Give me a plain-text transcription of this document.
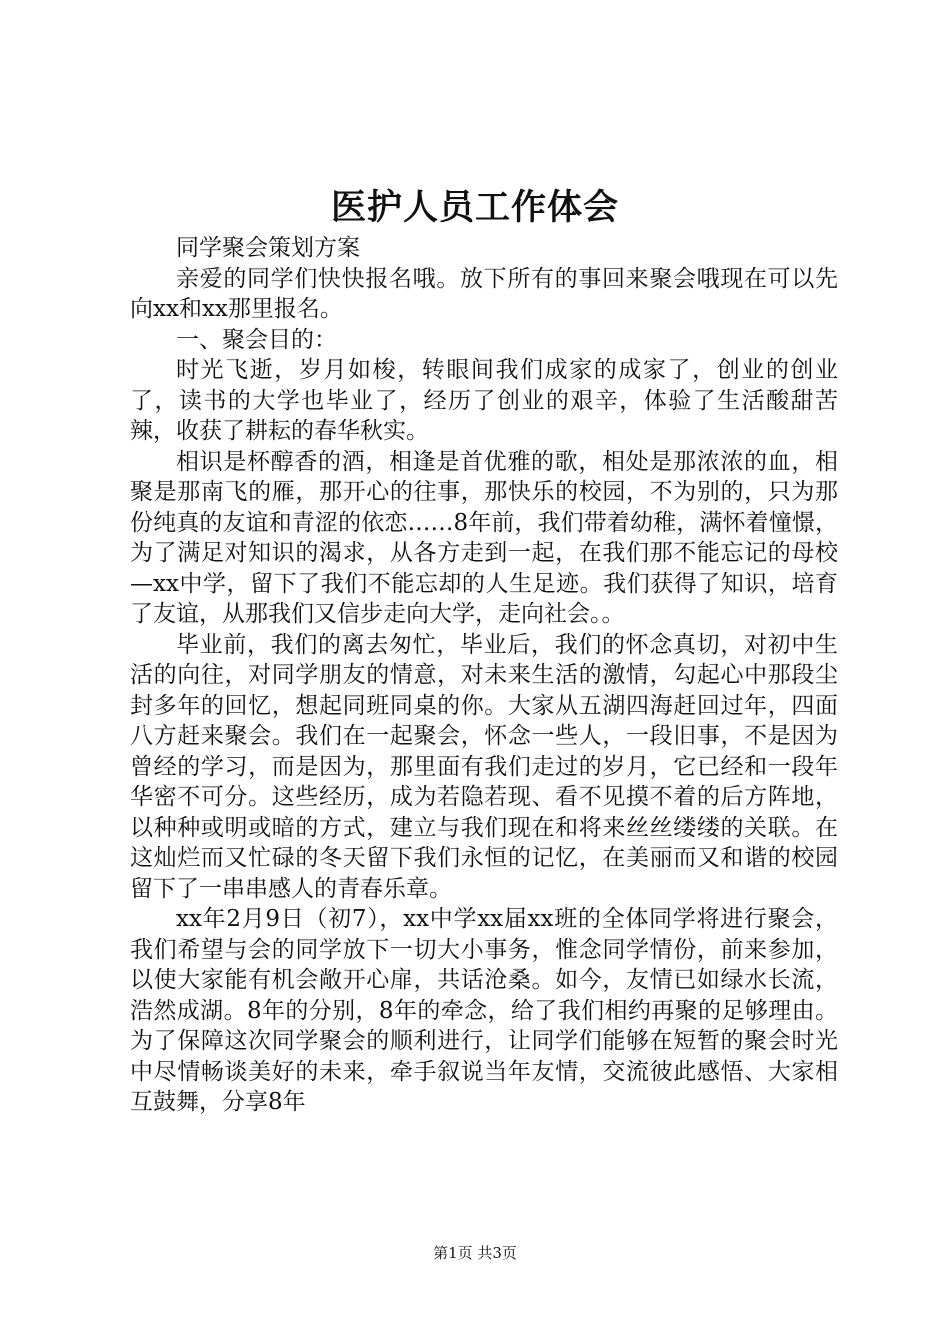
医护人员工作体会

同学聚会策划方案

亲爱的同学们快快报名哦。放下所有的事回来聚会哦现在可以先向xx和xx那里报名。

一、聚会目的：

时光飞逝，岁月如梭，转眼间我们成家的成家了，创业的创业了，读书的大学也毕业了，经历了创业的艰辛，体验了生活酸甜苦辣，收获了耕耘的春华秋实。

相识是杯醇香的酒，相逢是首优雅的歌，相处是那浓浓的血，相聚是那南飞的雁，那开心的往事，那快乐的校园，不为别的，只为那份纯真的友谊和青涩的依恋……8年前，我们带着幼稚，满怀着憧憬，为了满足对知识的渴求，从各方走到一起，在我们那不能忘记的母校—xx中学，留下了我们不能忘却的人生足迹。我们获得了知识，培育了友谊，从那我们又信步走向大学，走向社会。。

毕业前，我们的离去匆忙，毕业后，我们的怀念真切，对初中生活的向往，对同学朋友的情意，对未来生活的激情，勾起心中那段尘封多年的回忆，想起同班同桌的你。大家从五湖四海赶回过年，四面八方赶来聚会。我们在一起聚会，怀念一些人，一段旧事，不是因为曾经的学习，而是因为，那里面有我们走过的岁月，它已经和一段年华密不可分。这些经历，成为若隐若现、看不见摸不着的后方阵地，以种种或明或暗的方式，建立与我们现在和将来丝丝缕缕的关联。在这灿烂而又忙碌的冬天留下我们永恒的记忆，在美丽而又和谐的校园留下了一串串感人的青春乐章。

xx年2月9日（初7），xx中学xx届xx班的全体同学将进行聚会，我们希望与会的同学放下一切大小事务，惟念同学情份，前来参加，以使大家能有机会敞开心扉，共话沧桑。如今，友情已如绿水长流，浩然成湖。8年的分别，8年的牵念，给了我们相约再聚的足够理由。为了保障这次同学聚会的顺利进行，让同学们能够在短暂的聚会时光中尽情畅谈美好的未来，牵手叙说当年友情，交流彼此感悟、大家相互鼓舞，分享8年

第1页 共3页
